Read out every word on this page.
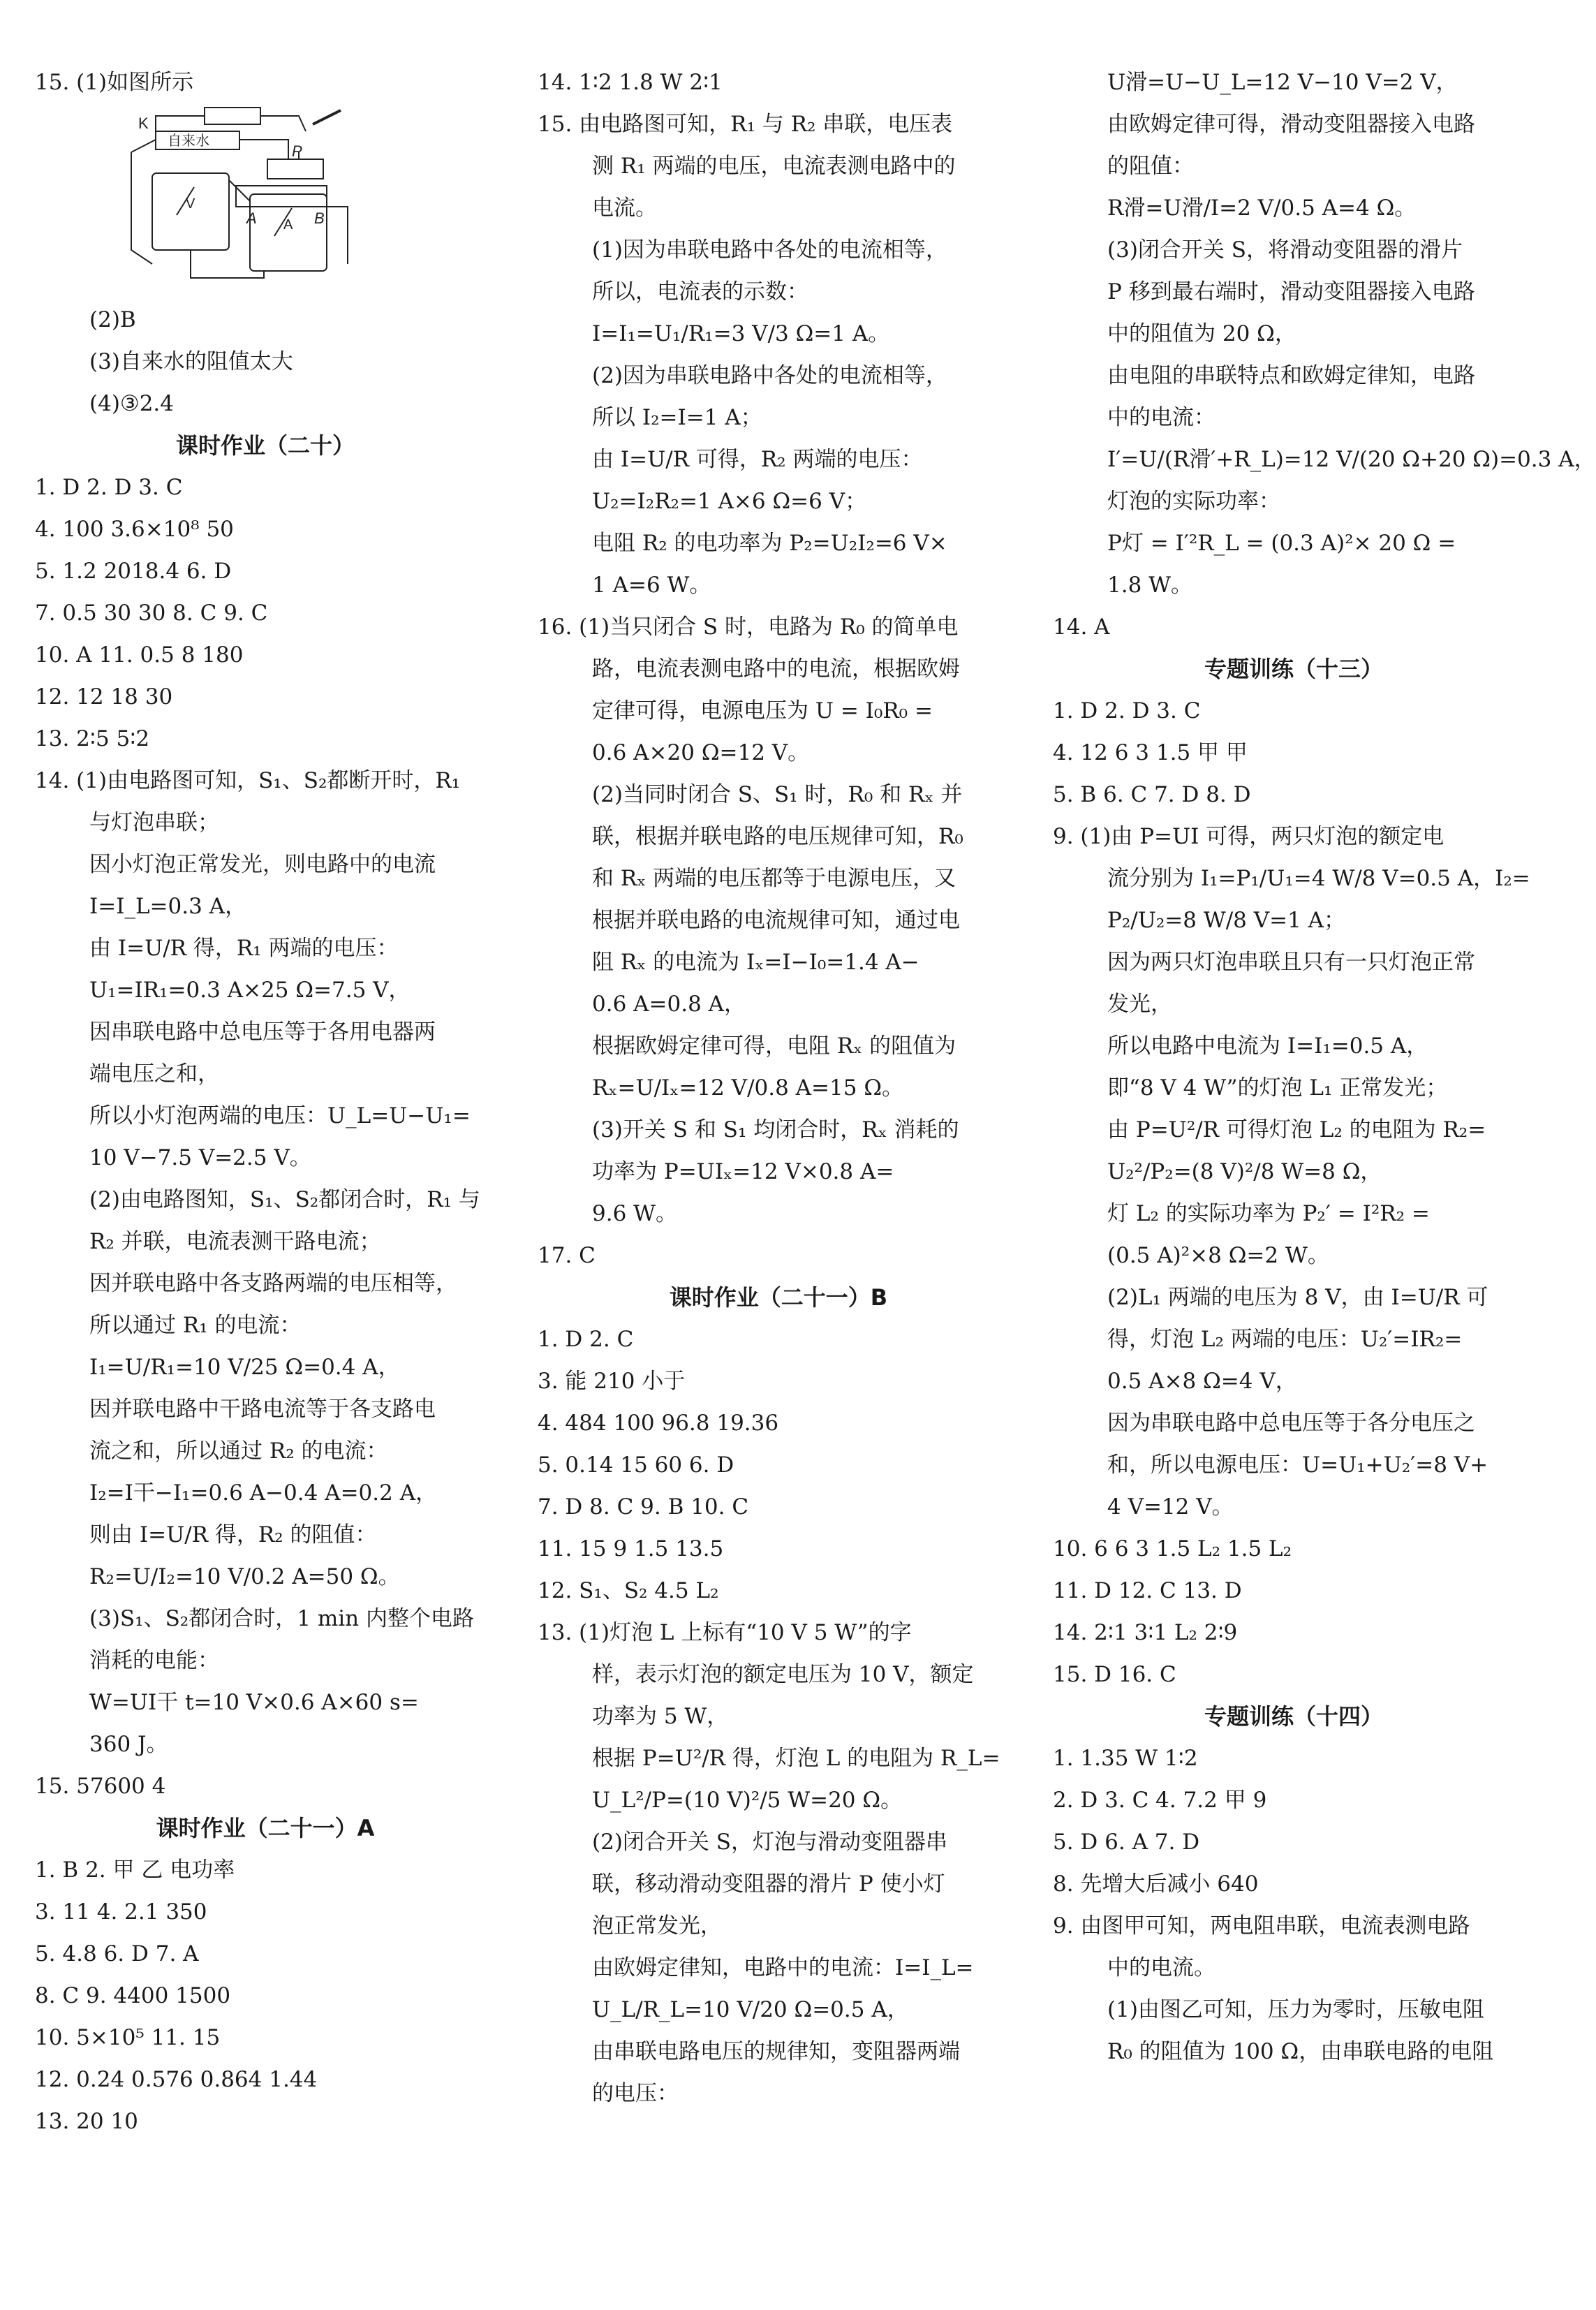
15. (1)如图所示
K
自来水
P
A	B
V
A
(2)B
(3)自来水的阻值太大
(4)③2.4
课时作业（二十）
1. D 2. D 3. C
4. 100 3.6×10⁸ 50
5. 1.2 2018.4 6. D
7. 0.5 30 30 8. C 9. C
10. A 11. 0.5 8 180
12. 12 18 30
13. 2∶5 5∶2
14. (1)由电路图可知，S₁、S₂都断开时，R₁
与灯泡串联；
因小灯泡正常发光，则电路中的电流
I=I_L=0.3 A，
由 I=U/R 得，R₁ 两端的电压：
U₁=IR₁=0.3 A×25 Ω=7.5 V，
因串联电路中总电压等于各用电器两
端电压之和，
所以小灯泡两端的电压：U_L=U−U₁=
10 V−7.5 V=2.5 V。
(2)由电路图知，S₁、S₂都闭合时，R₁ 与
R₂ 并联，电流表测干路电流；
因并联电路中各支路两端的电压相等，
所以通过 R₁ 的电流：
I₁=U/R₁=10 V/25 Ω=0.4 A，
因并联电路中干路电流等于各支路电
流之和，所以通过 R₂ 的电流：
I₂=I干−I₁=0.6 A−0.4 A=0.2 A，
则由 I=U/R 得，R₂ 的阻值：
R₂=U/I₂=10 V/0.2 A=50 Ω。
(3)S₁、S₂都闭合时，1 min 内整个电路
消耗的电能：
W=UI干 t=10 V×0.6 A×60 s=
360 J。
15. 57600 4
课时作业（二十一）A
1. B 2. 甲 乙 电功率
3. 11 4. 2.1 350
5. 4.8 6. D 7. A
8. C 9. 4400 1500
10. 5×10⁵ 11. 15
12. 0.24 0.576 0.864 1.44
13. 20 10
14. 1∶2 1.8 W 2∶1
15. 由电路图可知，R₁ 与 R₂ 串联，电压表
测 R₁ 两端的电压，电流表测电路中的
电流。
(1)因为串联电路中各处的电流相等，
所以，电流表的示数：
I=I₁=U₁/R₁=3 V/3 Ω=1 A。
(2)因为串联电路中各处的电流相等，
所以 I₂=I=1 A；
由 I=U/R 可得，R₂ 两端的电压：
U₂=I₂R₂=1 A×6 Ω=6 V；
电阻 R₂ 的电功率为 P₂=U₂I₂=6 V×
1 A=6 W。
16. (1)当只闭合 S 时，电路为 R₀ 的简单电
路，电流表测电路中的电流，根据欧姆
定律可得，电源电压为 U = I₀R₀ =
0.6 A×20 Ω=12 V。
(2)当同时闭合 S、S₁ 时，R₀ 和 Rₓ 并
联，根据并联电路的电压规律可知，R₀
和 Rₓ 两端的电压都等于电源电压，又
根据并联电路的电流规律可知，通过电
阻 Rₓ 的电流为 Iₓ=I−I₀=1.4 A−
0.6 A=0.8 A，
根据欧姆定律可得，电阻 Rₓ 的阻值为
Rₓ=U/Iₓ=12 V/0.8 A=15 Ω。
(3)开关 S 和 S₁ 均闭合时，Rₓ 消耗的
功率为 P=UIₓ=12 V×0.8 A=
9.6 W。
17. C
课时作业（二十一）B
1. D 2. C
3. 能 210 小于
4. 484 100 96.8 19.36
5. 0.14 15 60 6. D
7. D 8. C 9. B 10. C
11. 15 9 1.5 13.5
12. S₁、S₂ 4.5 L₂
13. (1)灯泡 L 上标有“10 V 5 W”的字
样，表示灯泡的额定电压为 10 V，额定
功率为 5 W，
根据 P=U²/R 得，灯泡 L 的电阻为 R_L=
U_L²/P=(10 V)²/5 W=20 Ω。
(2)闭合开关 S，灯泡与滑动变阻器串
联，移动滑动变阻器的滑片 P 使小灯
泡正常发光，
由欧姆定律知，电路中的电流：I=I_L=
U_L/R_L=10 V/20 Ω=0.5 A，
由串联电路电压的规律知，变阻器两端
的电压：
U滑=U−U_L=12 V−10 V=2 V，
由欧姆定律可得，滑动变阻器接入电路
的阻值：
R滑=U滑/I=2 V/0.5 A=4 Ω。
(3)闭合开关 S，将滑动变阻器的滑片
P 移到最右端时，滑动变阻器接入电路
中的阻值为 20 Ω，
由电阻的串联特点和欧姆定律知，电路
中的电流：
I′=U/(R滑′+R_L)=12 V/(20 Ω+20 Ω)=0.3 A，
灯泡的实际功率：
P灯 = I′²R_L = (0.3 A)²× 20 Ω =
1.8 W。
14. A
专题训练（十三）
1. D 2. D 3. C
4. 12 6 3 1.5 甲 甲
5. B 6. C 7. D 8. D
9. (1)由 P=UI 可得，两只灯泡的额定电
流分别为 I₁=P₁/U₁=4 W/8 V=0.5 A，I₂=
P₂/U₂=8 W/8 V=1 A；
因为两只灯泡串联且只有一只灯泡正常
发光，
所以电路中电流为 I=I₁=0.5 A，
即“8 V 4 W”的灯泡 L₁ 正常发光；
由 P=U²/R 可得灯泡 L₂ 的电阻为 R₂=
U₂²/P₂=(8 V)²/8 W=8 Ω，
灯 L₂ 的实际功率为 P₂′ = I²R₂ =
(0.5 A)²×8 Ω=2 W。
(2)L₁ 两端的电压为 8 V，由 I=U/R 可
得，灯泡 L₂ 两端的电压：U₂′=IR₂=
0.5 A×8 Ω=4 V，
因为串联电路中总电压等于各分电压之
和，所以电源电压：U=U₁+U₂′=8 V+
4 V=12 V。
10. 6 6 3 1.5 L₂ 1.5 L₂
11. D 12. C 13. D
14. 2∶1 3∶1 L₂ 2∶9
15. D 16. C
专题训练（十四）
1. 1.35 W 1∶2
2. D 3. C 4. 7.2 甲 9
5. D 6. A 7. D
8. 先增大后减小 640
9. 由图甲可知，两电阻串联，电流表测电路
中的电流。
(1)由图乙可知，压力为零时，压敏电阻
R₀ 的阻值为 100 Ω，由串联电路的电阻
